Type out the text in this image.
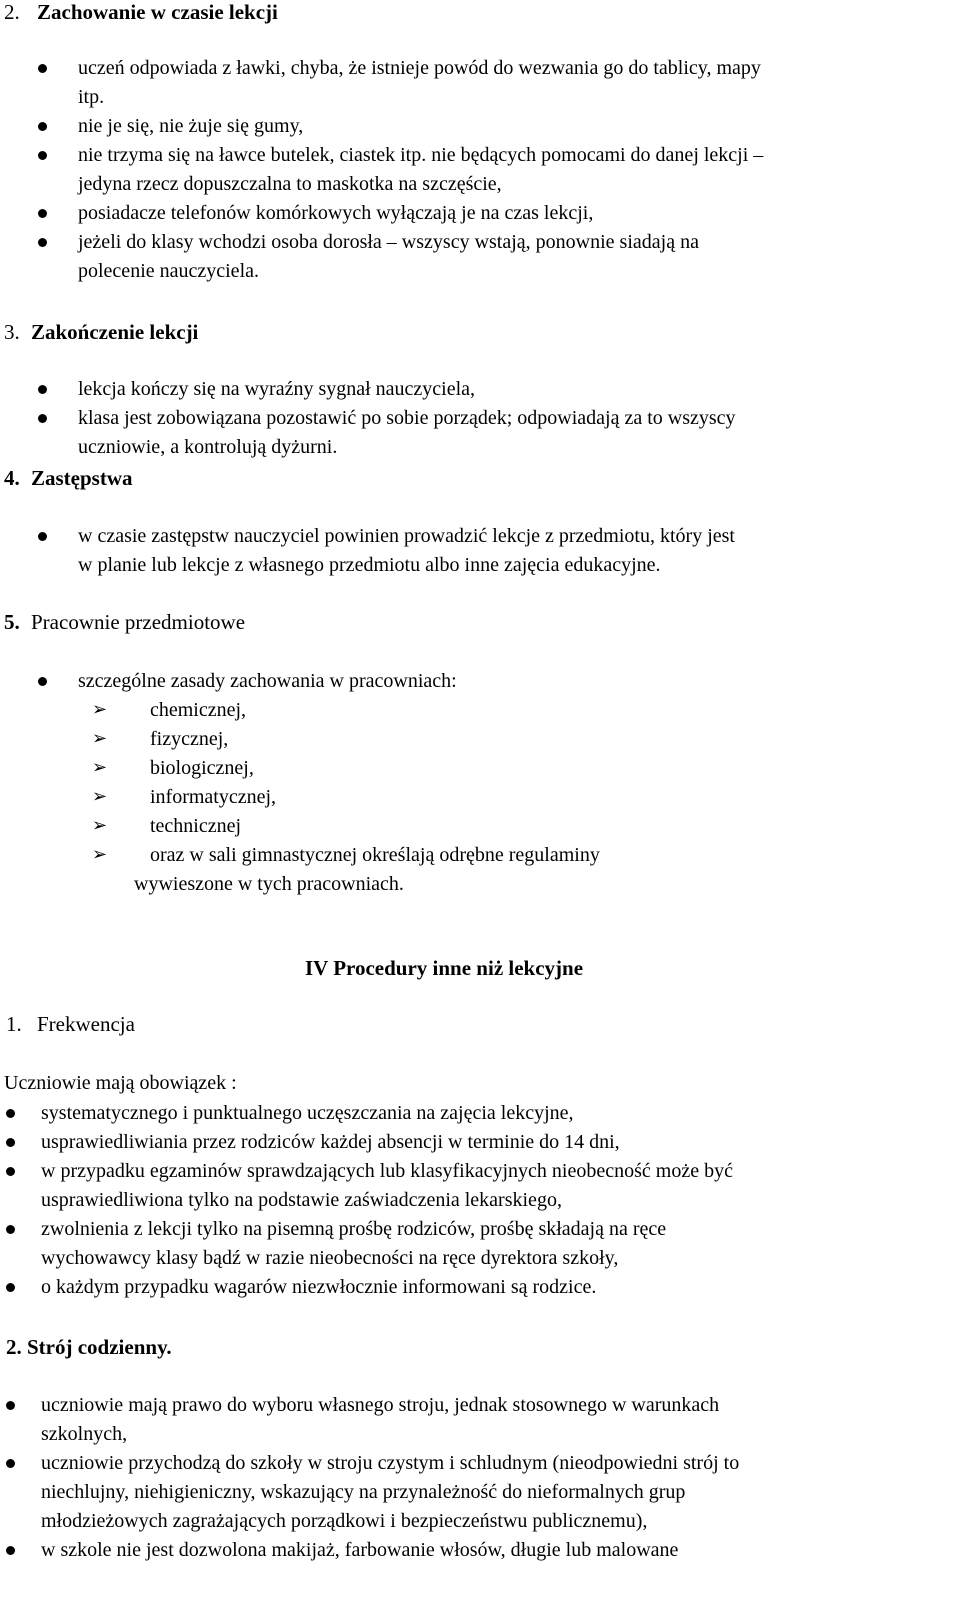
2. Zachowanie w czasie lekcji
uczeń odpowiada z ławki, chyba, że istnieje powód do wezwania go do tablicy, mapy
itp.
nie je się, nie żuje się gumy,
nie trzyma się na ławce butelek, ciastek itp. nie będących pomocami do danej lekcji –
jedyna rzecz dopuszczalna to maskotka na szczęście,
posiadacze telefonów komórkowych wyłączają je na czas lekcji,
jeżeli do klasy wchodzi osoba dorosła – wszyscy wstają, ponownie siadają na
polecenie nauczyciela.
3. Zakończenie lekcji
lekcja kończy się na wyraźny sygnał nauczyciela,
klasa jest zobowiązana pozostawić po sobie porządek; odpowiadają za to wszyscy
uczniowie, a kontrolują dyżurni.
4. Zastępstwa
w czasie zastępstw nauczyciel powinien prowadzić lekcje z przedmiotu, który jest
w planie lub lekcje z własnego przedmiotu albo inne zajęcia edukacyjne.
5. Pracownie przedmiotowe
szczególne zasady zachowania w pracowniach:
➢ chemicznej,
➢ fizycznej,
➢ biologicznej,
➢ informatycznej,
➢ technicznej
➢ oraz w sali gimnastycznej określają odrębne regulaminy
wywieszone w tych pracowniach.
IV Procedury inne niż lekcyjne
1. Frekwencja
Uczniowie mają obowiązek :
systematycznego i punktualnego uczęszczania na zajęcia lekcyjne,
usprawiedliwiania przez rodziców każdej absencji w terminie do 14 dni,
w przypadku egzaminów sprawdzających lub klasyfikacyjnych nieobecność może być
usprawiedliwiona tylko na podstawie zaświadczenia lekarskiego,
zwolnienia z lekcji tylko na pisemną prośbę rodziców, prośbę składają na ręce
wychowawcy klasy bądź w razie nieobecności na ręce dyrektora szkoły,
o każdym przypadku wagarów niezwłocznie informowani są rodzice.
2. Strój codzienny.
uczniowie mają prawo do wyboru własnego stroju, jednak stosownego w warunkach
szkolnych,
uczniowie przychodzą do szkoły w stroju czystym i schludnym (nieodpowiedni strój to
niechlujny, niehigieniczny, wskazujący na przynależność do nieformalnych grup
młodzieżowych zagrażających porządkowi i bezpieczeństwu publicznemu),
w szkole nie jest dozwolona makijaż, farbowanie włosów, długie lub malowane
